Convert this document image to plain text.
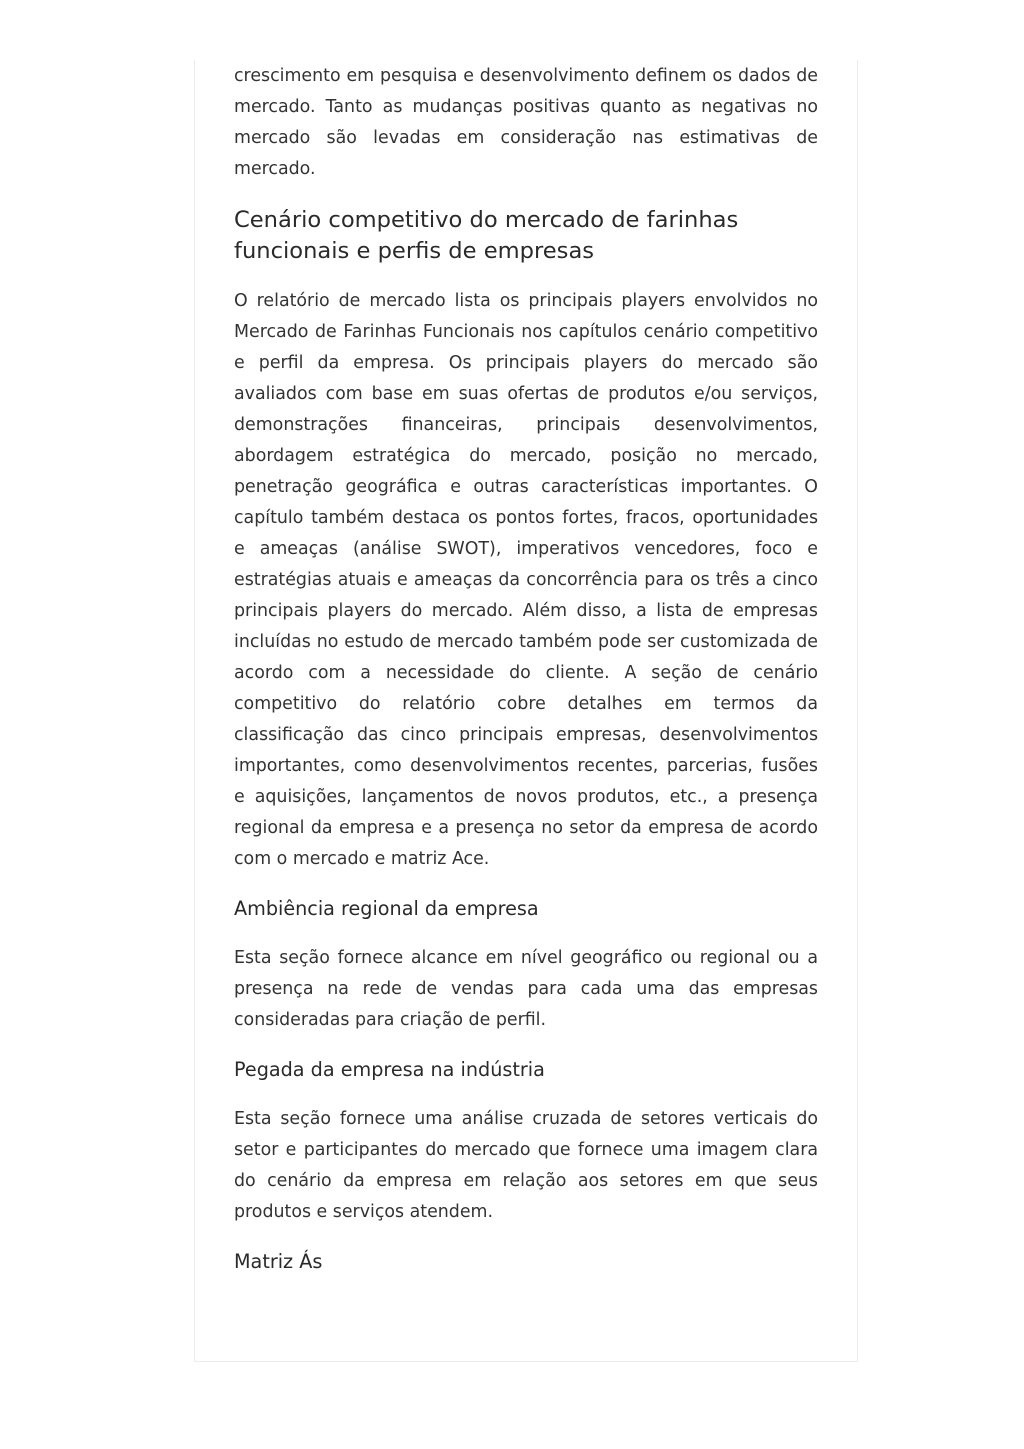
crescimento em pesquisa e desenvolvimento definem os dados de mercado. Tanto as mudanças positivas quanto as negativas no mercado são levadas em consideração nas estimativas de mercado.

Cenário competitivo do mercado de farinhas funcionais e perfis de empresas

O relatório de mercado lista os principais players envolvidos no Mercado de Farinhas Funcionais nos capítulos cenário competitivo e perfil da empresa. Os principais players do mercado são avaliados com base em suas ofertas de produtos e/ou serviços, demonstrações financeiras, principais desenvolvimentos, abordagem estratégica do mercado, posição no mercado, penetração geográfica e outras características importantes. O capítulo também destaca os pontos fortes, fracos, oportunidades e ameaças (análise SWOT), imperativos vencedores, foco e estratégias atuais e ameaças da concorrência para os três a cinco principais players do mercado. Além disso, a lista de empresas incluídas no estudo de mercado também pode ser customizada de acordo com a necessidade do cliente. A seção de cenário competitivo do relatório cobre detalhes em termos da classificação das cinco principais empresas, desenvolvimentos importantes, como desenvolvimentos recentes, parcerias, fusões e aquisições, lançamentos de novos produtos, etc., a presença regional da empresa e a presença no setor da empresa de acordo com o mercado e matriz Ace.

Ambiência regional da empresa

Esta seção fornece alcance em nível geográfico ou regional ou a presença na rede de vendas para cada uma das empresas consideradas para criação de perfil.

Pegada da empresa na indústria

Esta seção fornece uma análise cruzada de setores verticais do setor e participantes do mercado que fornece uma imagem clara do cenário da empresa em relação aos setores em que seus produtos e serviços atendem.

Matriz Ás
